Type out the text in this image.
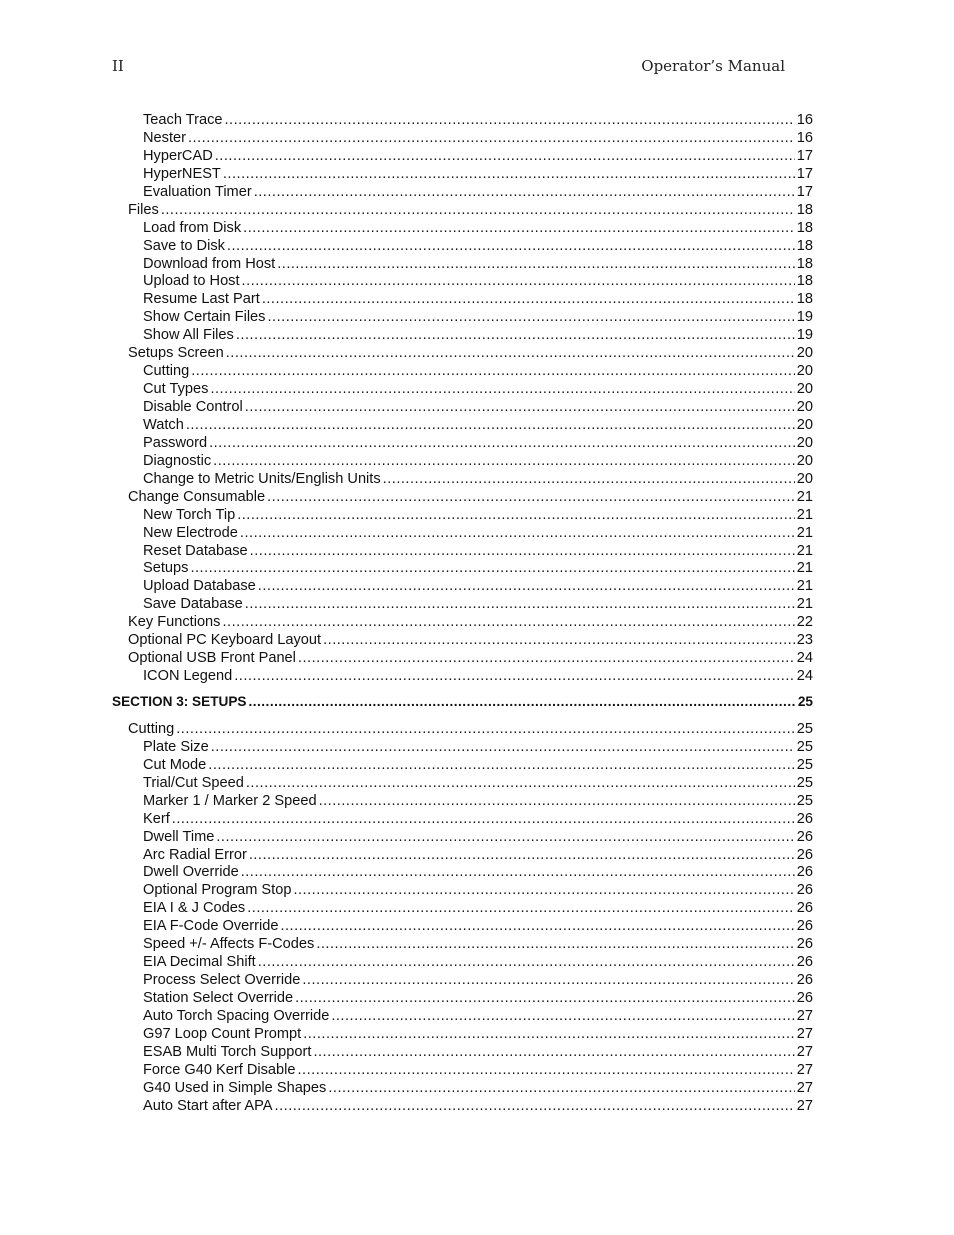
II	Operator’s Manual
Teach Trace .....	16
Nester .....	16
HyperCAD .....	17
HyperNEST .....	17
Evaluation Timer .....	17
Files .....	18
Load from Disk .....	18
Save to Disk .....	18
Download from Host .....	18
Upload to Host .....	18
Resume Last Part .....	18
Show Certain Files .....	19
Show All Files .....	19
Setups Screen .....	20
Cutting .....	20
Cut Types .....	20
Disable Control .....	20
Watch .....	20
Password .....	20
Diagnostic .....	20
Change to Metric Units/English Units .....	20
Change Consumable .....	21
New Torch Tip .....	21
New Electrode .....	21
Reset Database .....	21
Setups .....	21
Upload Database .....	21
Save Database .....	21
Key Functions .....	22
Optional PC Keyboard Layout .....	23
Optional USB Front Panel .....	24
ICON Legend .....	24
SECTION 3: SETUPS .....	25
Cutting .....	25
Plate Size .....	25
Cut Mode .....	25
Trial/Cut Speed .....	25
Marker 1 / Marker 2 Speed .....	25
Kerf .....	26
Dwell Time .....	26
Arc Radial Error .....	26
Dwell Override .....	26
Optional Program Stop .....	26
EIA I & J Codes .....	26
EIA F-Code Override .....	26
Speed +/- Affects F-Codes .....	26
EIA Decimal Shift .....	26
Process Select Override .....	26
Station Select Override .....	26
Auto Torch Spacing Override .....	27
G97 Loop Count Prompt .....	27
ESAB Multi Torch Support .....	27
Force G40 Kerf Disable .....	27
G40 Used in Simple Shapes .....	27
Auto Start after APA .....	27
